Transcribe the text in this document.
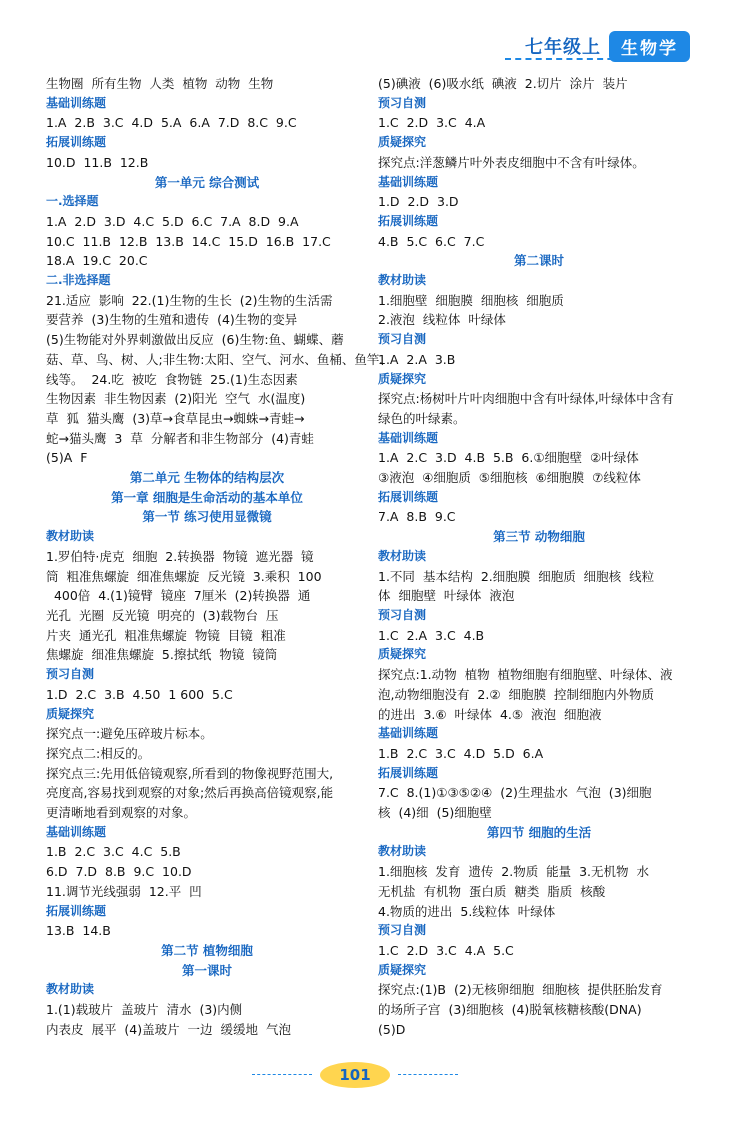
七年级上	生物学
生物圈  所有生物  人类  植物  动物  生物
基础训练题
1.A  2.B  3.C  4.D  5.A  6.A  7.D  8.C  9.C
拓展训练题
10.D  11.B  12.B
第一单元 综合测试
一.选择题
1.A  2.D  3.D  4.C  5.D  6.C  7.A  8.D  9.A
10.C  11.B  12.B  13.B  14.C  15.D  16.B  17.C
18.A  19.C  20.C
二.非选择题
21.适应  影响  22.(1)生物的生长  (2)生物的生活需
要营养  (3)生物的生殖和遗传  (4)生物的变异
(5)生物能对外界刺激做出反应  (6)生物:鱼、蝴蝶、蘑
菇、草、鸟、树、人;非生物:太阳、空气、河水、鱼桶、鱼竿、
线等。  24.吃  被吃  食物链  25.(1)生态因素
生物因素  非生物因素  (2)阳光  空气  水(温度)
草  狐  猫头鹰  (3)草→食草昆虫→蜘蛛→青蛙→
蛇→猫头鹰  3  草  分解者和非生物部分  (4)青蛙
(5)A  F
第二单元 生物体的结构层次
第一章 细胞是生命活动的基本单位
第一节 练习使用显微镜
教材助读
1.罗伯特·虎克  细胞  2.转换器  物镜  遮光器  镜
筒  粗准焦螺旋  细准焦螺旋  反光镜  3.乘积  100
400倍  4.(1)镜臂  镜座  7厘米  (2)转换器  通
光孔  光圈  反光镜  明亮的  (3)载物台  压
片夹  通光孔  粗准焦螺旋  物镜  目镜  粗准
焦螺旋  细准焦螺旋  5.擦拭纸  物镜  镜筒
预习自测
1.D  2.C  3.B  4.50  1 600  5.C
质疑探究
探究点一:避免压碎玻片标本。
探究点二:相反的。
探究点三:先用低倍镜观察,所看到的物像视野范围大,
亮度高,容易找到观察的对象;然后再换高倍镜观察,能
更清晰地看到观察的对象。
基础训练题
1.B  2.C  3.C  4.C  5.B
6.D  7.D  8.B  9.C  10.D
11.调节光线强弱  12.平  凹
拓展训练题
13.B  14.B
第二节 植物细胞
第一课时
教材助读
1.(1)载玻片  盖玻片  清水  (3)内侧
内表皮  展平  (4)盖玻片  一边  缓缓地  气泡
(5)碘液  (6)吸水纸  碘液  2.切片  涂片  装片
预习自测
1.C  2.D  3.C  4.A
质疑探究
探究点:洋葱鳞片叶外表皮细胞中不含有叶绿体。
基础训练题
1.D  2.D  3.D
拓展训练题
4.B  5.C  6.C  7.C
第二课时
教材助读
1.细胞壁  细胞膜  细胞核  细胞质
2.液泡  线粒体  叶绿体
预习自测
1.A  2.A  3.B
质疑探究
探究点:杨树叶片叶肉细胞中含有叶绿体,叶绿体中含有
绿色的叶绿素。
基础训练题
1.A  2.C  3.D  4.B  5.B  6.①细胞壁  ②叶绿体
③液泡  ④细胞质  ⑤细胞核  ⑥细胞膜  ⑦线粒体
拓展训练题
7.A  8.B  9.C
第三节 动物细胞
教材助读
1.不同  基本结构  2.细胞膜  细胞质  细胞核  线粒
体  细胞壁  叶绿体  液泡
预习自测
1.C  2.A  3.C  4.B
质疑探究
探究点:1.动物  植物  植物细胞有细胞壁、叶绿体、液
泡,动物细胞没有  2.②  细胞膜  控制细胞内外物质
的进出  3.⑥  叶绿体  4.⑤  液泡  细胞液
基础训练题
1.B  2.C  3.C  4.D  5.D  6.A
拓展训练题
7.C  8.(1)①③⑤②④  (2)生理盐水  气泡  (3)细胞
核  (4)细  (5)细胞壁
第四节 细胞的生活
教材助读
1.细胞核  发育  遗传  2.物质  能量  3.无机物  水
无机盐  有机物  蛋白质  糖类  脂质  核酸
4.物质的进出  5.线粒体  叶绿体
预习自测
1.C  2.D  3.C  4.A  5.C
质疑探究
探究点:(1)B  (2)无核卵细胞  细胞核  提供胚胎发育
的场所子宫  (3)细胞核  (4)脱氧核糖核酸(DNA)
(5)D
101
